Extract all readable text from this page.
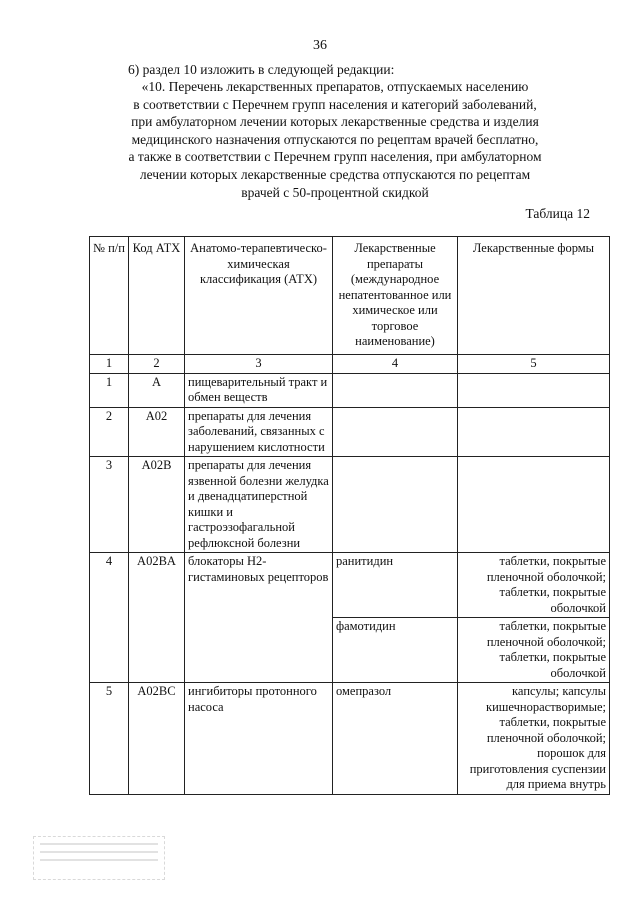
36
6) раздел 10 изложить в следующей редакции:
«10. Перечень лекарственных препаратов, отпускаемых населению
в соответствии с Перечнем групп населения и категорий заболеваний,
при амбулаторном лечении которых лекарственные средства и изделия
медицинского назначения отпускаются по рецептам врачей бесплатно,
а также в соответствии с Перечнем групп населения, при амбулаторном
лечении которых лекарственные средства отпускаются по рецептам
врачей с 50-процентной скидкой
Таблица 12
№ п/п	Код АТХ	Анатомо-терапевтическо-химическая классификация (АТХ)	Лекарственные препараты (международное непатентованное или химическое или торговое наименование)	Лекарственные формы
1	2	3	4	5
1	A	пищеварительный тракт и обмен веществ		
2	A02	препараты для лечения заболеваний, связанных с нарушением кислотности		
3	A02B	препараты для лечения язвенной болезни желудка и двенадцатиперстной кишки и гастроэзофагальной рефлюксной болезни		
4	A02BA	блокаторы H2-гистаминовых рецепторов	ранитидин	таблетки, покрытые пленочной оболочкой; таблетки, покрытые оболочкой
			фамотидин	таблетки, покрытые пленочной оболочкой; таблетки, покрытые оболочкой
5	A02BC	ингибиторы протонного насоса	омепразол	капсулы; капсулы кишечнорастворимые; таблетки, покрытые пленочной оболочкой; порошок для приготовления суспензии для приема внутрь
